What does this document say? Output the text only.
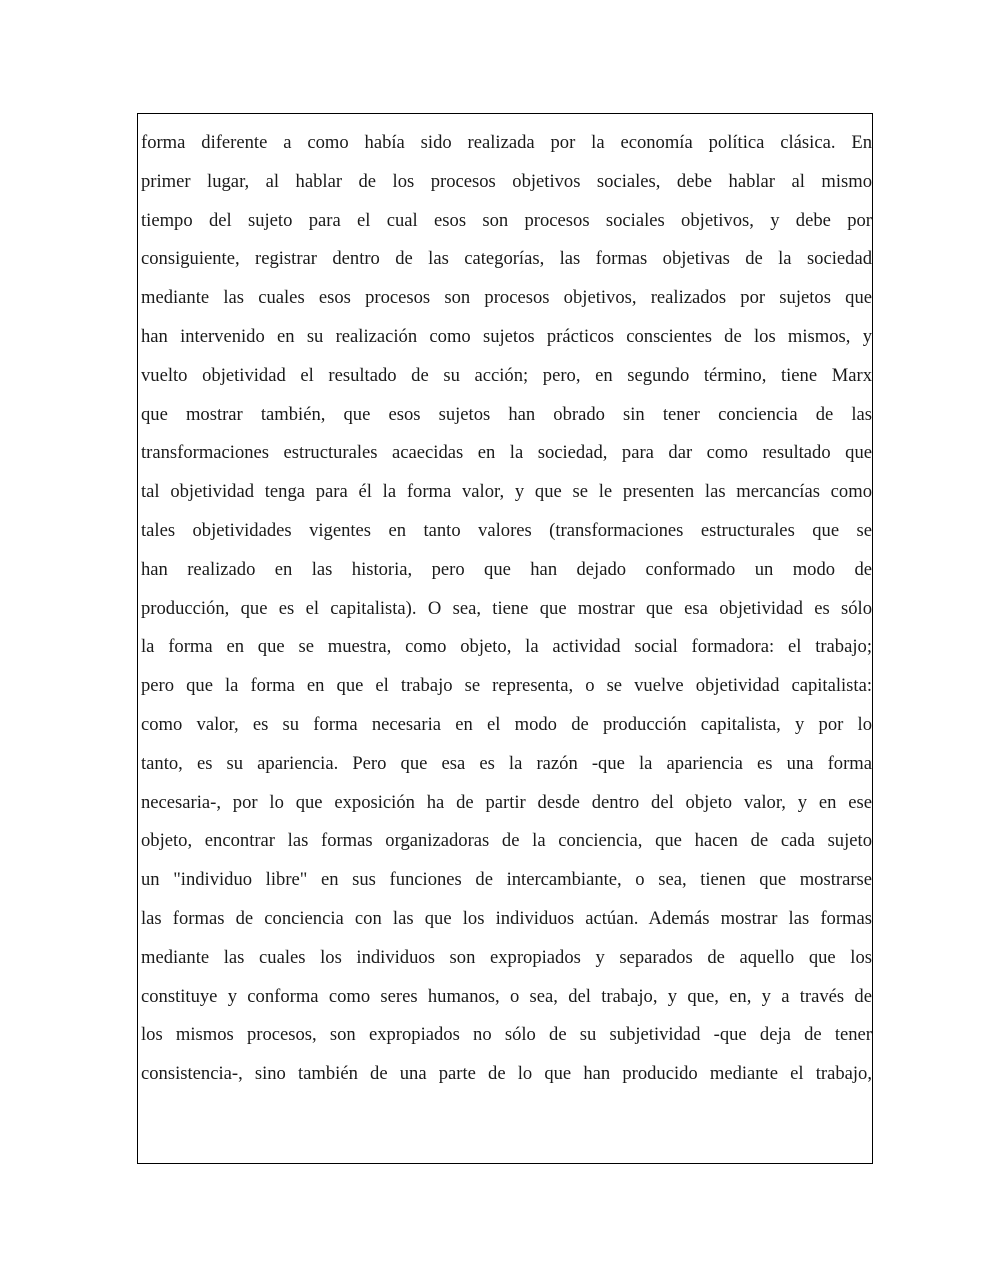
forma diferente a como había sido realizada por la economía política clásica. En
primer lugar, al hablar de los procesos objetivos sociales, debe hablar al mismo
tiempo del sujeto para el cual esos son procesos sociales objetivos, y debe por
consiguiente, registrar dentro de las categorías, las formas objetivas de la sociedad
mediante las cuales esos procesos son procesos objetivos, realizados por sujetos que
han intervenido en su realización como sujetos prácticos conscientes de los mismos, y
vuelto objetividad el resultado de su acción; pero, en segundo término, tiene Marx
que mostrar también, que esos sujetos han obrado sin tener conciencia de las
transformaciones estructurales acaecidas en la sociedad, para dar como resultado que
tal objetividad tenga para él la forma valor, y que se le presenten las mercancías como
tales objetividades vigentes en tanto valores (transformaciones estructurales que se
han realizado en las historia, pero que han dejado conformado un modo de
producción, que es el capitalista). O sea, tiene que mostrar que esa objetividad es sólo
la forma en que se muestra, como objeto, la actividad social formadora: el trabajo;
pero que la forma en que el trabajo se representa, o se vuelve objetividad capitalista:
como valor, es su forma necesaria en el modo de producción capitalista, y por lo
tanto, es su apariencia. Pero que esa es la razón -que la apariencia es una forma
necesaria-, por lo que exposición ha de partir desde dentro del objeto valor, y en ese
objeto, encontrar las formas organizadoras de la conciencia, que hacen de cada sujeto
un "individuo libre" en sus funciones de intercambiante, o sea, tienen que mostrarse
las formas de conciencia con las que los individuos actúan. Además mostrar las formas
mediante las cuales los individuos son expropiados y separados de aquello que los
constituye y conforma como seres humanos, o sea, del trabajo, y que, en, y a través de
los mismos procesos, son expropiados no sólo de su subjetividad -que deja de tener
consistencia-, sino también de una parte de lo que han producido mediante el trabajo,
